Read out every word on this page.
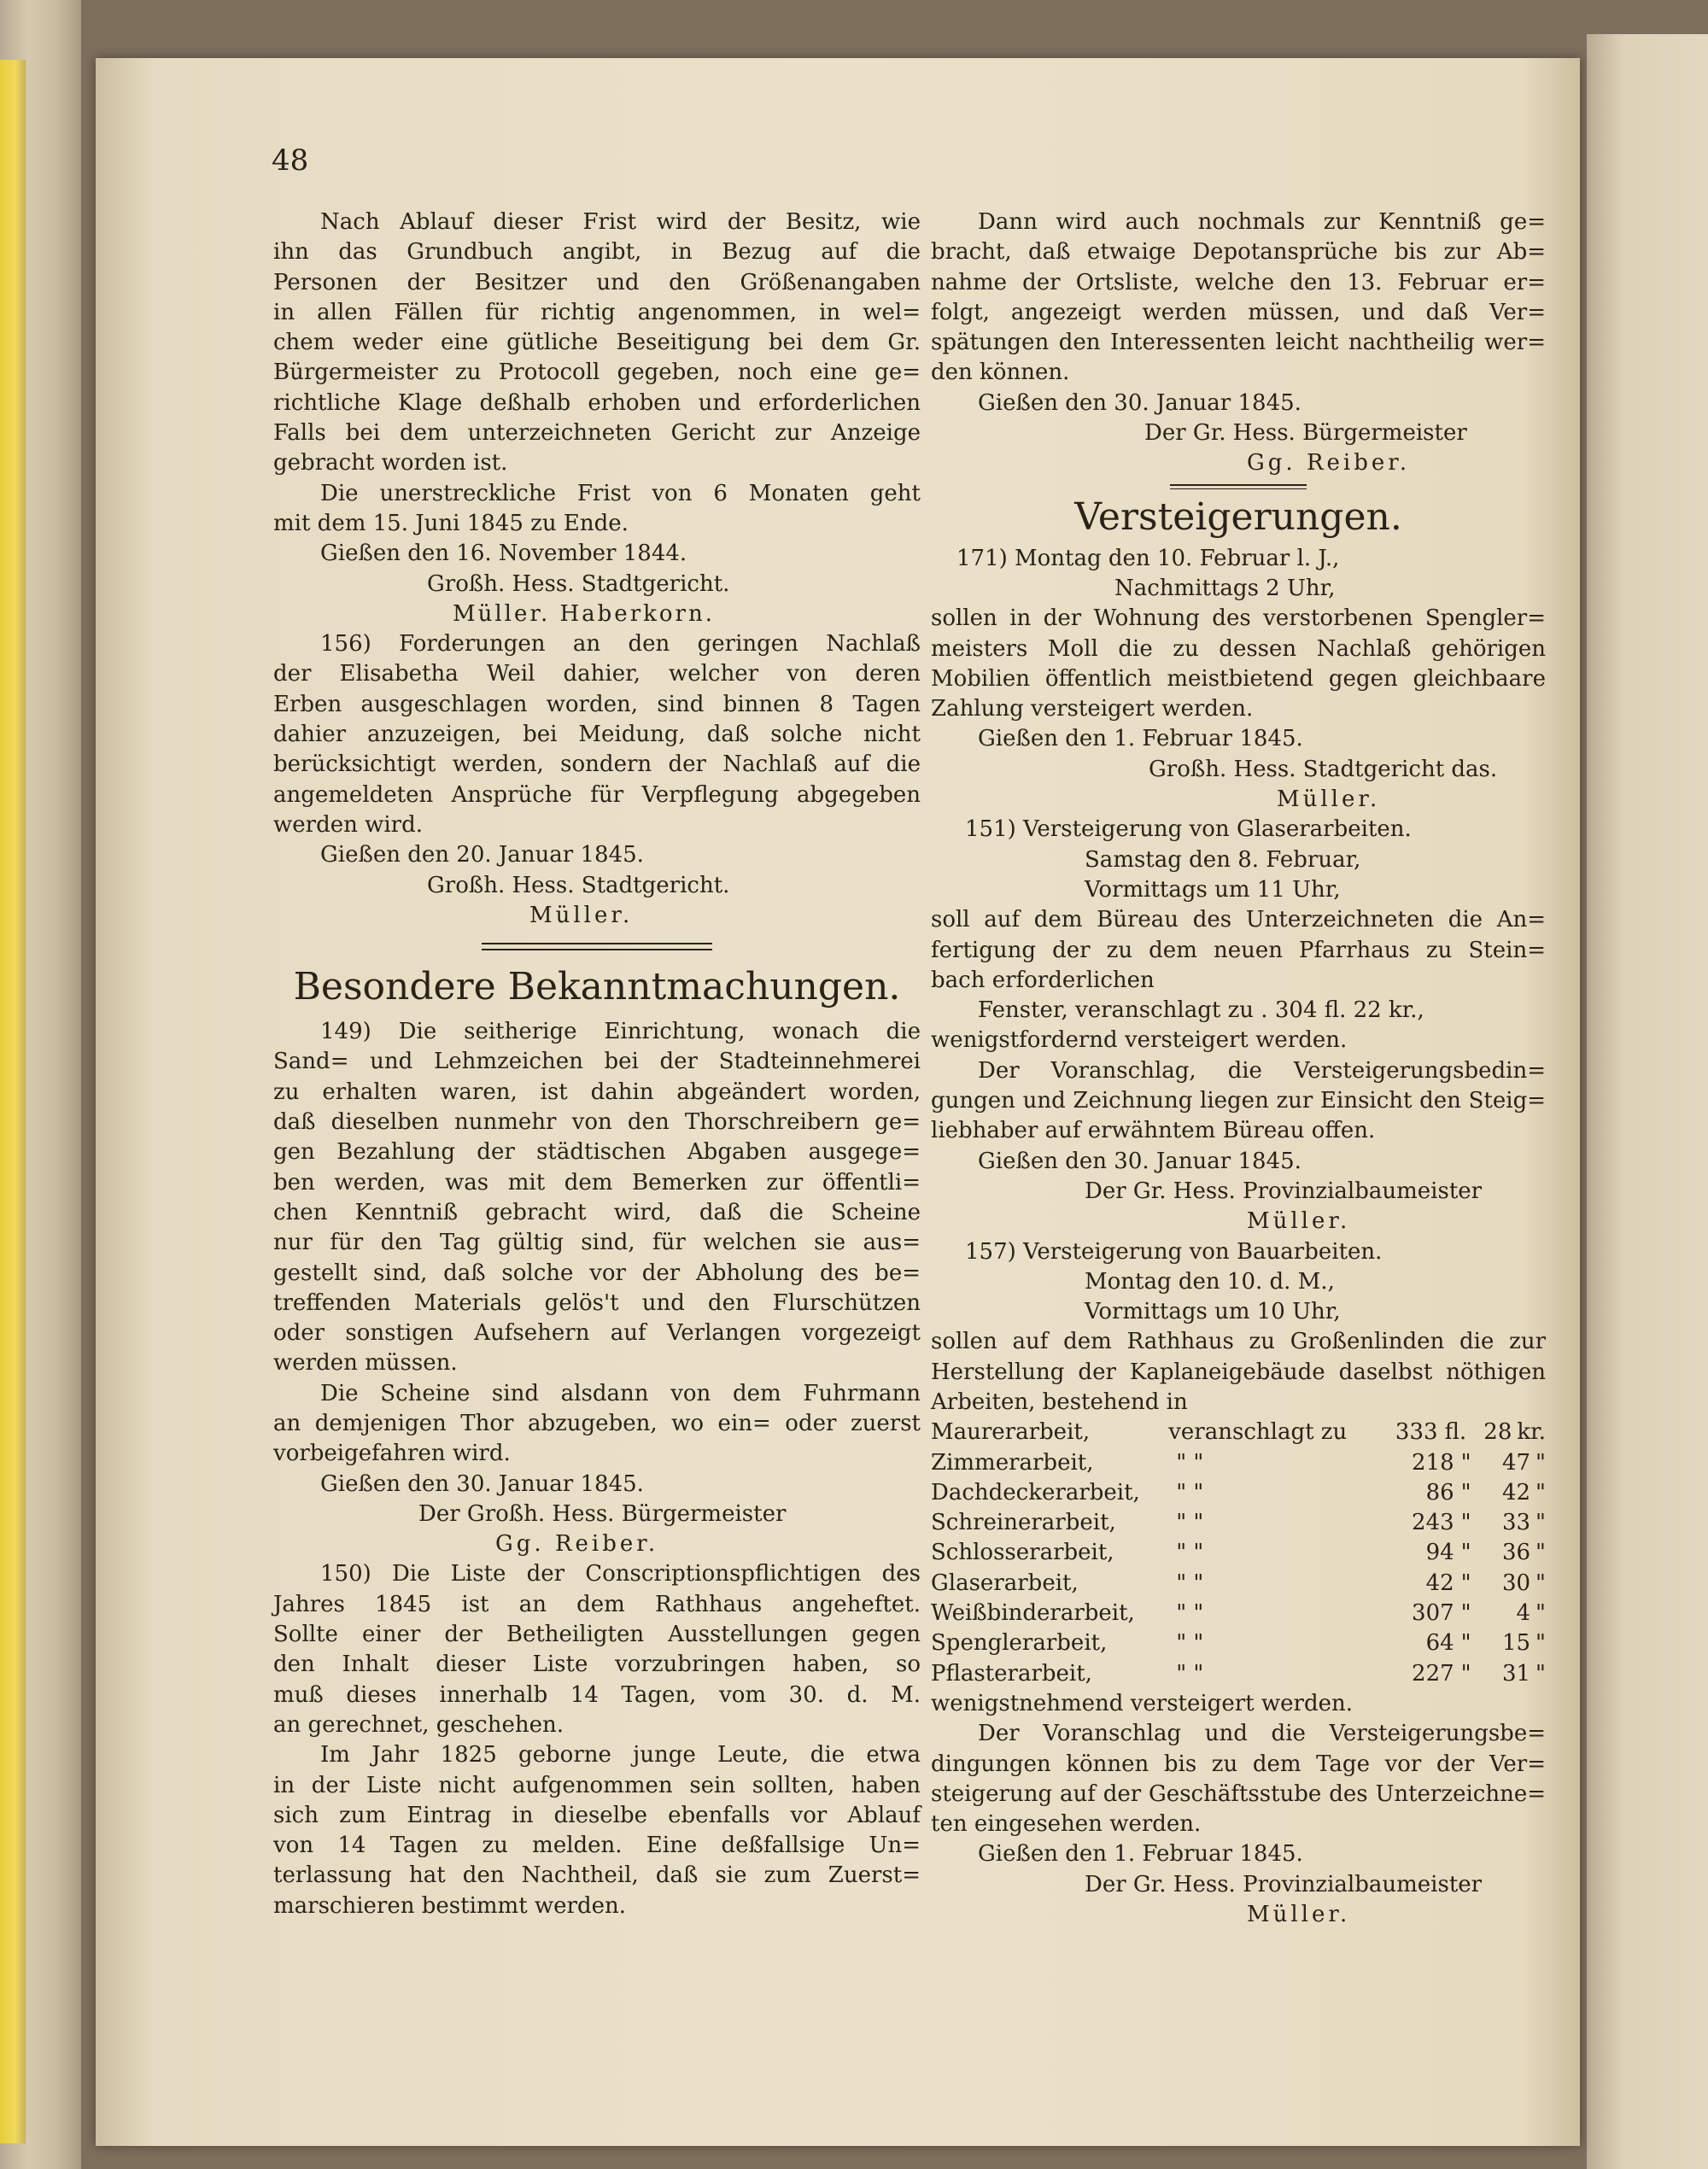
48
Nach Ablauf dieser Frist wird der Besitz, wie
ihn das Grundbuch angibt, in Bezug auf die
Personen der Besitzer und den Größenangaben
in allen Fällen für richtig angenommen, in wel=
chem weder eine gütliche Beseitigung bei dem Gr.
Bürgermeister zu Protocoll gegeben, noch eine ge=
richtliche Klage deßhalb erhoben und erforderlichen
Falls bei dem unterzeichneten Gericht zur Anzeige
gebracht worden ist.
Die unerstreckliche Frist von 6 Monaten geht
mit dem 15. Juni 1845 zu Ende.
Gießen den 16. November 1844.
Großh. Hess. Stadtgericht.
Müller. Haberkorn.
156) Forderungen an den geringen Nachlaß
der Elisabetha Weil dahier, welcher von deren
Erben ausgeschlagen worden, sind binnen 8 Tagen
dahier anzuzeigen, bei Meidung, daß solche nicht
berücksichtigt werden, sondern der Nachlaß auf die
angemeldeten Ansprüche für Verpflegung abgegeben
werden wird.
Gießen den 20. Januar 1845.
Großh. Hess. Stadtgericht.
Müller.
Besondere Bekanntmachungen.
149) Die seitherige Einrichtung, wonach die
Sand= und Lehmzeichen bei der Stadteinnehmerei
zu erhalten waren, ist dahin abgeändert worden,
daß dieselben nunmehr von den Thorschreibern ge=
gen Bezahlung der städtischen Abgaben ausgege=
ben werden, was mit dem Bemerken zur öffentli=
chen Kenntniß gebracht wird, daß die Scheine
nur für den Tag gültig sind, für welchen sie aus=
gestellt sind, daß solche vor der Abholung des be=
treffenden Materials gelös't und den Flurschützen
oder sonstigen Aufsehern auf Verlangen vorgezeigt
werden müssen.
Die Scheine sind alsdann von dem Fuhrmann
an demjenigen Thor abzugeben, wo ein= oder zuerst
vorbeigefahren wird.
Gießen den 30. Januar 1845.
Der Großh. Hess. Bürgermeister
Gg. Reiber.
150) Die Liste der Conscriptionspflichtigen des
Jahres 1845 ist an dem Rathhaus angeheftet.
Sollte einer der Betheiligten Ausstellungen gegen
den Inhalt dieser Liste vorzubringen haben, so
muß dieses innerhalb 14 Tagen, vom 30. d. M.
an gerechnet, geschehen.
Im Jahr 1825 geborne junge Leute, die etwa
in der Liste nicht aufgenommen sein sollten, haben
sich zum Eintrag in dieselbe ebenfalls vor Ablauf
von 14 Tagen zu melden. Eine deßfallsige Un=
terlassung hat den Nachtheil, daß sie zum Zuerst=
marschieren bestimmt werden.
Dann wird auch nochmals zur Kenntniß ge=
bracht, daß etwaige Depotansprüche bis zur Ab=
nahme der Ortsliste, welche den 13. Februar er=
folgt, angezeigt werden müssen, und daß Ver=
spätungen den Interessenten leicht nachtheilig wer=
den können.
Gießen den 30. Januar 1845.
Der Gr. Hess. Bürgermeister
Gg. Reiber.
Versteigerungen.
171) Montag den 10. Februar l. J.,
Nachmittags 2 Uhr,
sollen in der Wohnung des verstorbenen Spengler=
meisters Moll die zu dessen Nachlaß gehörigen
Mobilien öffentlich meistbietend gegen gleichbaare
Zahlung versteigert werden.
Gießen den 1. Februar 1845.
Großh. Hess. Stadtgericht das.
Müller.
151) Versteigerung von Glaserarbeiten.
Samstag den 8. Februar,
Vormittags um 11 Uhr,
soll auf dem Büreau des Unterzeichneten die An=
fertigung der zu dem neuen Pfarrhaus zu Stein=
bach erforderlichen
Fenster, veranschlagt zu . 304 fl. 22 kr.,
wenigstfordernd versteigert werden.
Der Voranschlag, die Versteigerungsbedin=
gungen und Zeichnung liegen zur Einsicht den Steig=
liebhaber auf erwähntem Büreau offen.
Gießen den 30. Januar 1845.
Der Gr. Hess. Provinzialbaumeister
Müller.
157) Versteigerung von Bauarbeiten.
Montag den 10. d. M.,
Vormittags um 10 Uhr,
sollen auf dem Rathhaus zu Großenlinden die zur
Herstellung der Kaplaneigebäude daselbst nöthigen
Arbeiten, bestehend in
Maurerarbeit,	veranschlagt zu	333 fl. 28 kr.
Zimmerarbeit,	" "	218 "	47 "
Dachdeckerarbeit,	" "	86 "	42 "
Schreinerarbeit,	" "	243 "	33 "
Schlosserarbeit,	" "	94 "	36 "
Glaserarbeit,	" "	42 "	30 "
Weißbinderarbeit,	" "	307 "	4 "
Spenglerarbeit,	" "	64 "	15 "
Pflasterarbeit,	" "	227 "	31 "
wenigstnehmend versteigert werden.
Der Voranschlag und die Versteigerungsbe=
dingungen können bis zu dem Tage vor der Ver=
steigerung auf der Geschäftsstube des Unterzeichne=
ten eingesehen werden.
Gießen den 1. Februar 1845.
Der Gr. Hess. Provinzialbaumeister
Müller.
